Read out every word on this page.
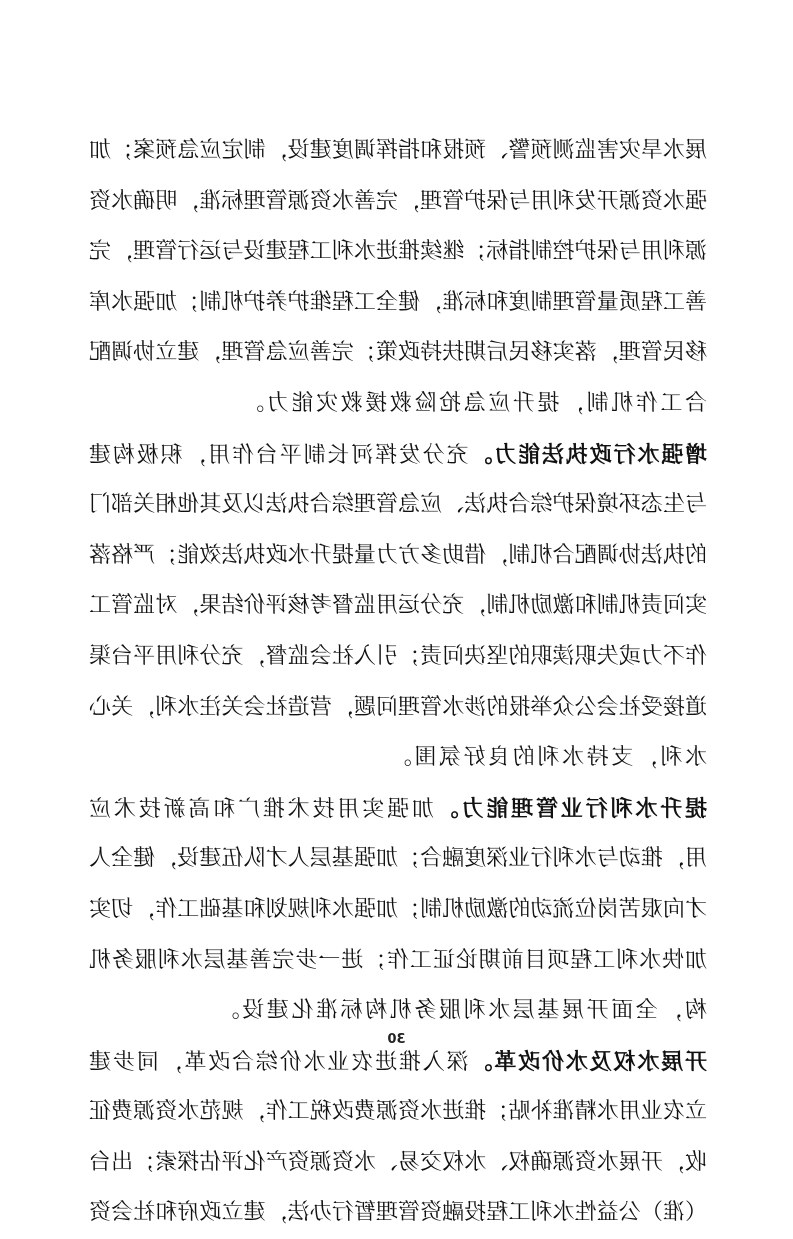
展水旱灾害监测预警、预报和指挥调度建设，制定应急预案；加
强水资源开发利用与保护管理，完善水资源管理标准，明确水资
源利用与保护控制指标；继续推进水利工程建设与运行管理，完
善工程质量管理制度和标准，健全工程维护养护机制；加强水库
移民管理，落实移民后期扶持政策；完善应急管理，建立协调配
合工作机制，提升应急抢险救援救灾能力。
增强水行政执法能力。充分发挥河长制平台作用，积极构建
与生态环境保护综合执法、应急管理综合执法以及其他相关部门
的执法协调配合机制，借助多方力量提升水政执法效能；严格落
实问责机制和激励机制，充分运用监督考核评价结果，对监管工
作不力或失职渎职的坚决问责；引入社会监督，充分利用平台渠
道接受社会公众举报的涉水管理问题，营造社会关注水利，关心
水利，支持水利的良好氛围。
提升水利行业管理能力。加强实用技术推广和高新技术应
用，推动与水利行业深度融合；加强基层人才队伍建设，健全人
才向艰苦岗位流动的激励机制；加强水利规划和基础工作，切实
加快水利工程项目前期论证工作；进一步完善基层水利服务机
构，全面开展基层水利服务机构标准化建设。
开展水权及水价改革。深入推进农业水价综合改革，同步建
立农业用水精准补贴；推进水资源费改税工作，规范水资源费征
收，开展水资源确权、水权交易、水资源资产化评估探索；出台
（准）公益性水利工程投融资管理暂行办法，建立政府和社会资
30
